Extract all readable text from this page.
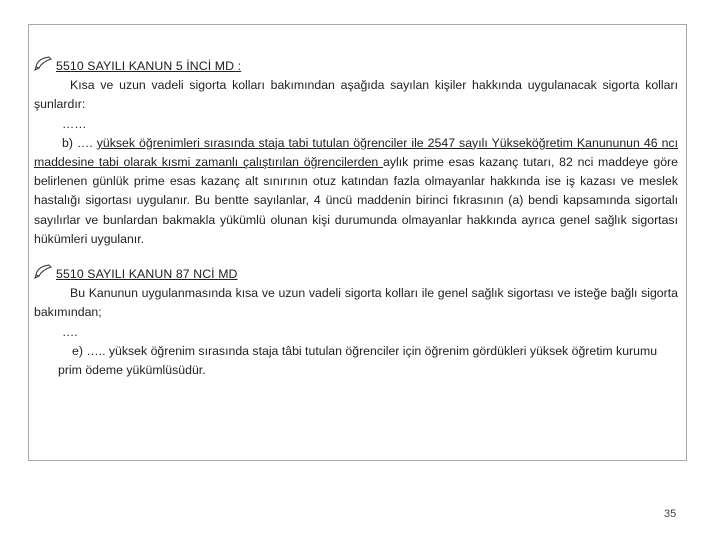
5510 SAYILI KANUN 5 İNCİ MD :

Kısa ve uzun vadeli sigorta kolları bakımından aşağıda sayılan kişiler hakkında uygulanacak sigorta kolları şunlardır:

……

b) …. yüksek öğrenimleri sırasında staja tabi tutulan öğrenciler ile 2547 sayılı Yükseköğretim Kanununun 46 ncı maddesine tabi olarak kısmi zamanlı çalıştırılan öğrencilerden aylık prime esas kazanç tutarı, 82 nci maddeye göre belirlenen günlük prime esas kazanç alt sınırının otuz katından fazla olmayanlar hakkında ise iş kazası ve meslek hastalığı sigortası uygulanır. Bu bentte sayılanlar, 4 üncü maddenin birinci fıkrasının (a) bendi kapsamında sigortalı sayılırlar ve bunlardan bakmakla yükümlü olunan kişi durumunda olmayanlar hakkında ayrıca genel sağlık sigortası hükümleri uygulanır.

5510 SAYILI KANUN 87 NCİ MD

Bu Kanunun uygulanmasında kısa ve uzun vadeli sigorta kolları ile genel sağlık sigortası ve isteğe bağlı sigorta bakımından;

….

e) ….. yüksek öğrenim sırasında staja tâbi tutulan öğrenciler için öğrenim gördükleri yüksek öğretim kurumu

prim ödeme yükümlüsüdür.

35
